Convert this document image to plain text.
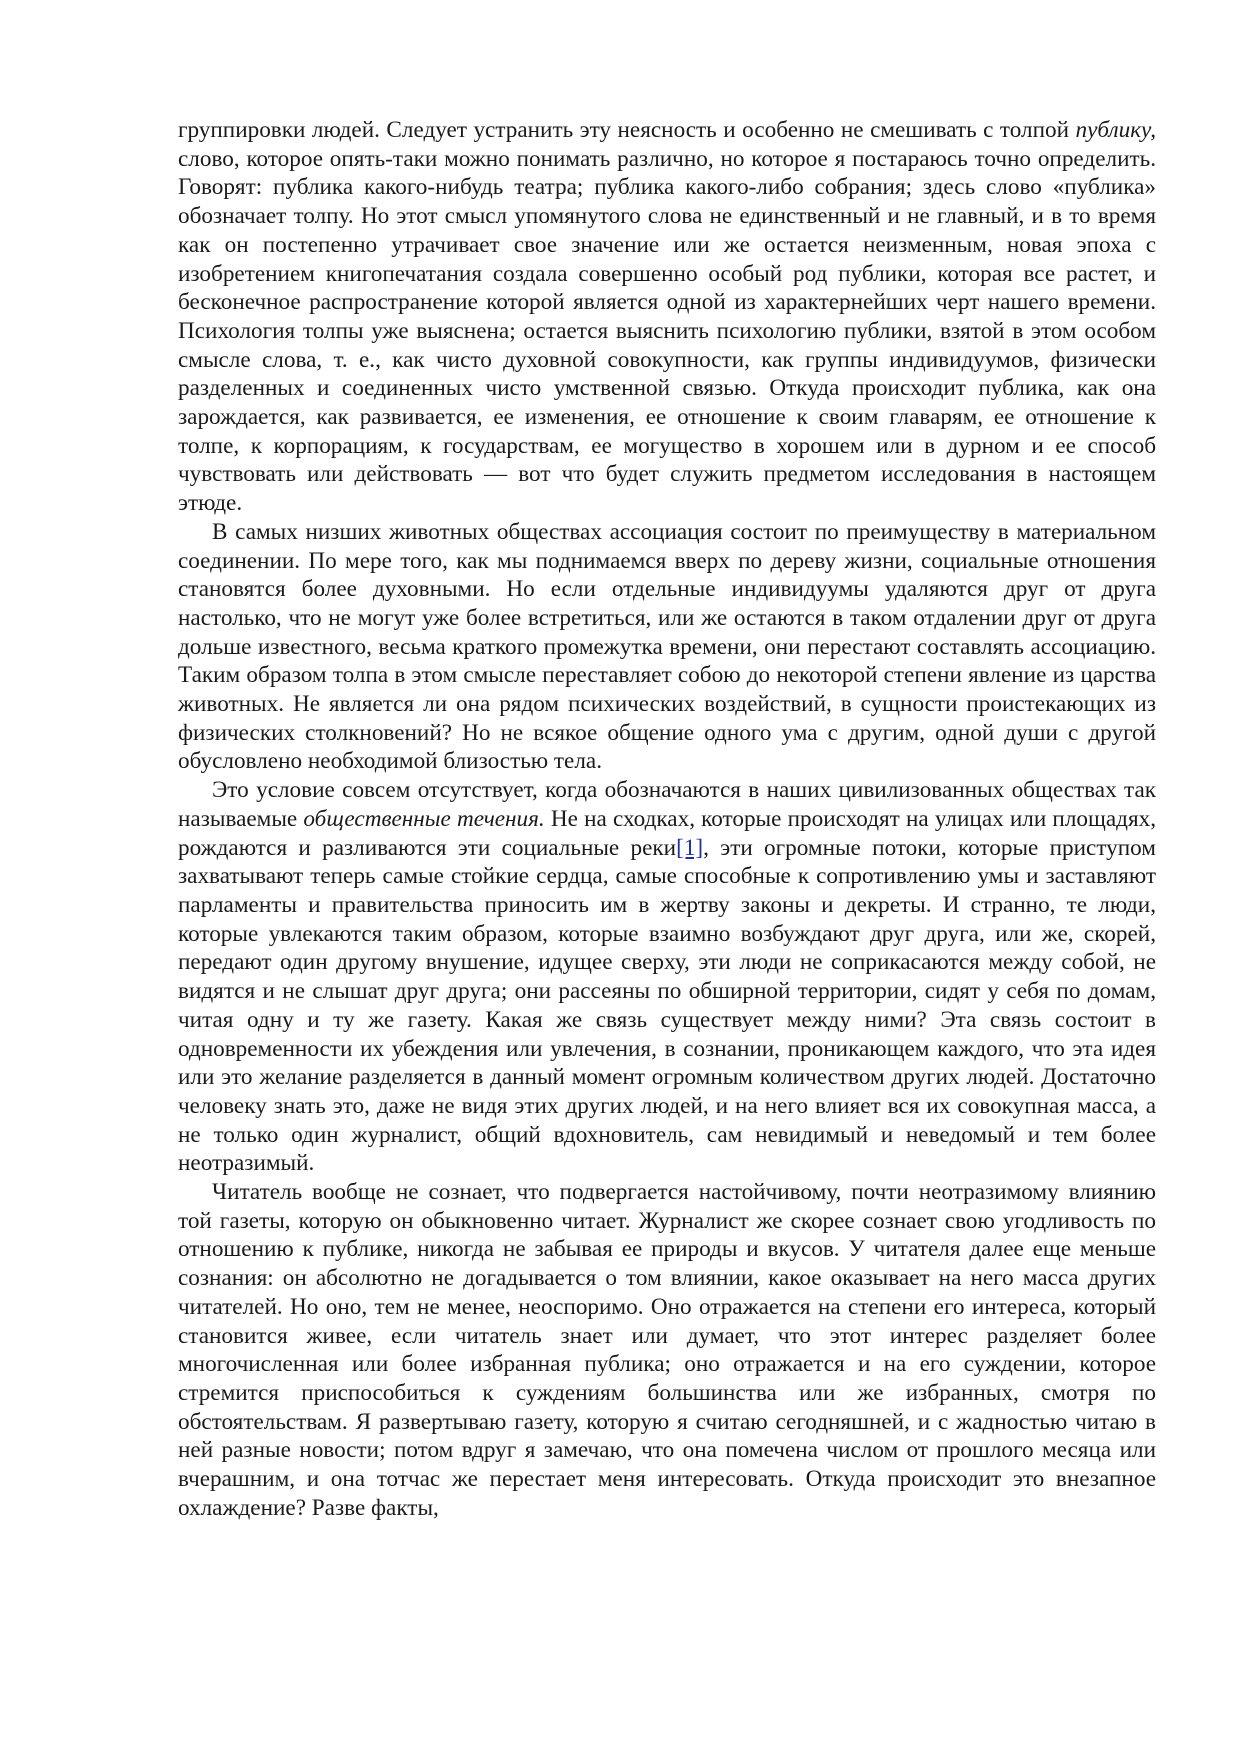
группировки людей. Следует устранить эту неясность и особенно не смешивать с толпой публику, слово, которое опять-таки можно понимать различно, но которое я постараюсь точно определить. Говорят: публика какого-нибудь театра; публика какого-либо собрания; здесь слово «публика» обозначает толпу. Но этот смысл упомянутого слова не единственный и не главный, и в то время как он постепенно утрачивает свое значение или же остается неизменным, новая эпоха с изобретением книгопечатания создала совершенно особый род публики, которая все растет, и бесконечное распространение которой является одной из характернейших черт нашего времени. Психология толпы уже выяснена; остается выяснить психологию публики, взятой в этом особом смысле слова, т. е., как чисто духовной совокупности, как группы индивидуумов, физически разделенных и соединенных чисто умственной связью. Откуда происходит публика, как она зарождается, как развивается, ее изменения, ее отношение к своим главарям, ее отношение к толпе, к корпорациям, к государствам, ее могущество в хорошем или в дурном и ее способ чувствовать или действовать — вот что будет служить предметом исследования в настоящем этюде.

В самых низших животных обществах ассоциация состоит по преимуществу в материальном соединении. По мере того, как мы поднимаемся вверх по дереву жизни, социальные отношения становятся более духовными. Но если отдельные индивидуумы удаляются друг от друга настолько, что не могут уже более встретиться, или же остаются в таком отдалении друг от друга дольше известного, весьма краткого промежутка времени, они перестают составлять ассоциацию. Таким образом толпа в этом смысле переставляет собою до некоторой степени явление из царства животных. Не является ли она рядом психических воздействий, в сущности проистекающих из физических столкновений? Но не всякое общение одного ума с другим, одной души с другой обусловлено необходимой близостью тела.

Это условие совсем отсутствует, когда обозначаются в наших цивилизованных обществах так называемые общественные течения. Не на сходках, которые происходят на улицах или площадях, рождаются и разливаются эти социальные реки[1], эти огромные потоки, которые приступом захватывают теперь самые стойкие сердца, самые способные к сопротивлению умы и заставляют парламенты и правительства приносить им в жертву законы и декреты. И странно, те люди, которые увлекаются таким образом, которые взаимно возбуждают друг друга, или же, скорей, передают один другому внушение, идущее сверху, эти люди не соприкасаются между собой, не видятся и не слышат друг друга; они рассеяны по обширной территории, сидят у себя по домам, читая одну и ту же газету. Какая же связь существует между ними? Эта связь состоит в одновременности их убеждения или увлечения, в сознании, проникающем каждого, что эта идея или это желание разделяется в данный момент огромным количеством других людей. Достаточно человеку знать это, даже не видя этих других людей, и на него влияет вся их совокупная масса, а не только один журналист, общий вдохновитель, сам невидимый и неведомый и тем более неотразимый.

Читатель вообще не сознает, что подвергается настойчивому, почти неотразимому влиянию той газеты, которую он обыкновенно читает. Журналист же скорее сознает свою угодливость по отношению к публике, никогда не забывая ее природы и вкусов. У читателя далее еще меньше сознания: он абсолютно не догадывается о том влиянии, какое оказывает на него масса других читателей. Но оно, тем не менее, неоспоримо. Оно отражается на степени его интереса, который становится живее, если читатель знает или думает, что этот интерес разделяет более многочисленная или более избранная публика; оно отражается и на его суждении, которое стремится приспособиться к суждениям большинства или же избранных, смотря по обстоятельствам. Я развертываю газету, которую я считаю сегодняшней, и с жадностью читаю в ней разные новости; потом вдруг я замечаю, что она помечена числом от прошлого месяца или вчерашним, и она тотчас же перестает меня интересовать. Откуда происходит это внезапное охлаждение? Разве факты,
